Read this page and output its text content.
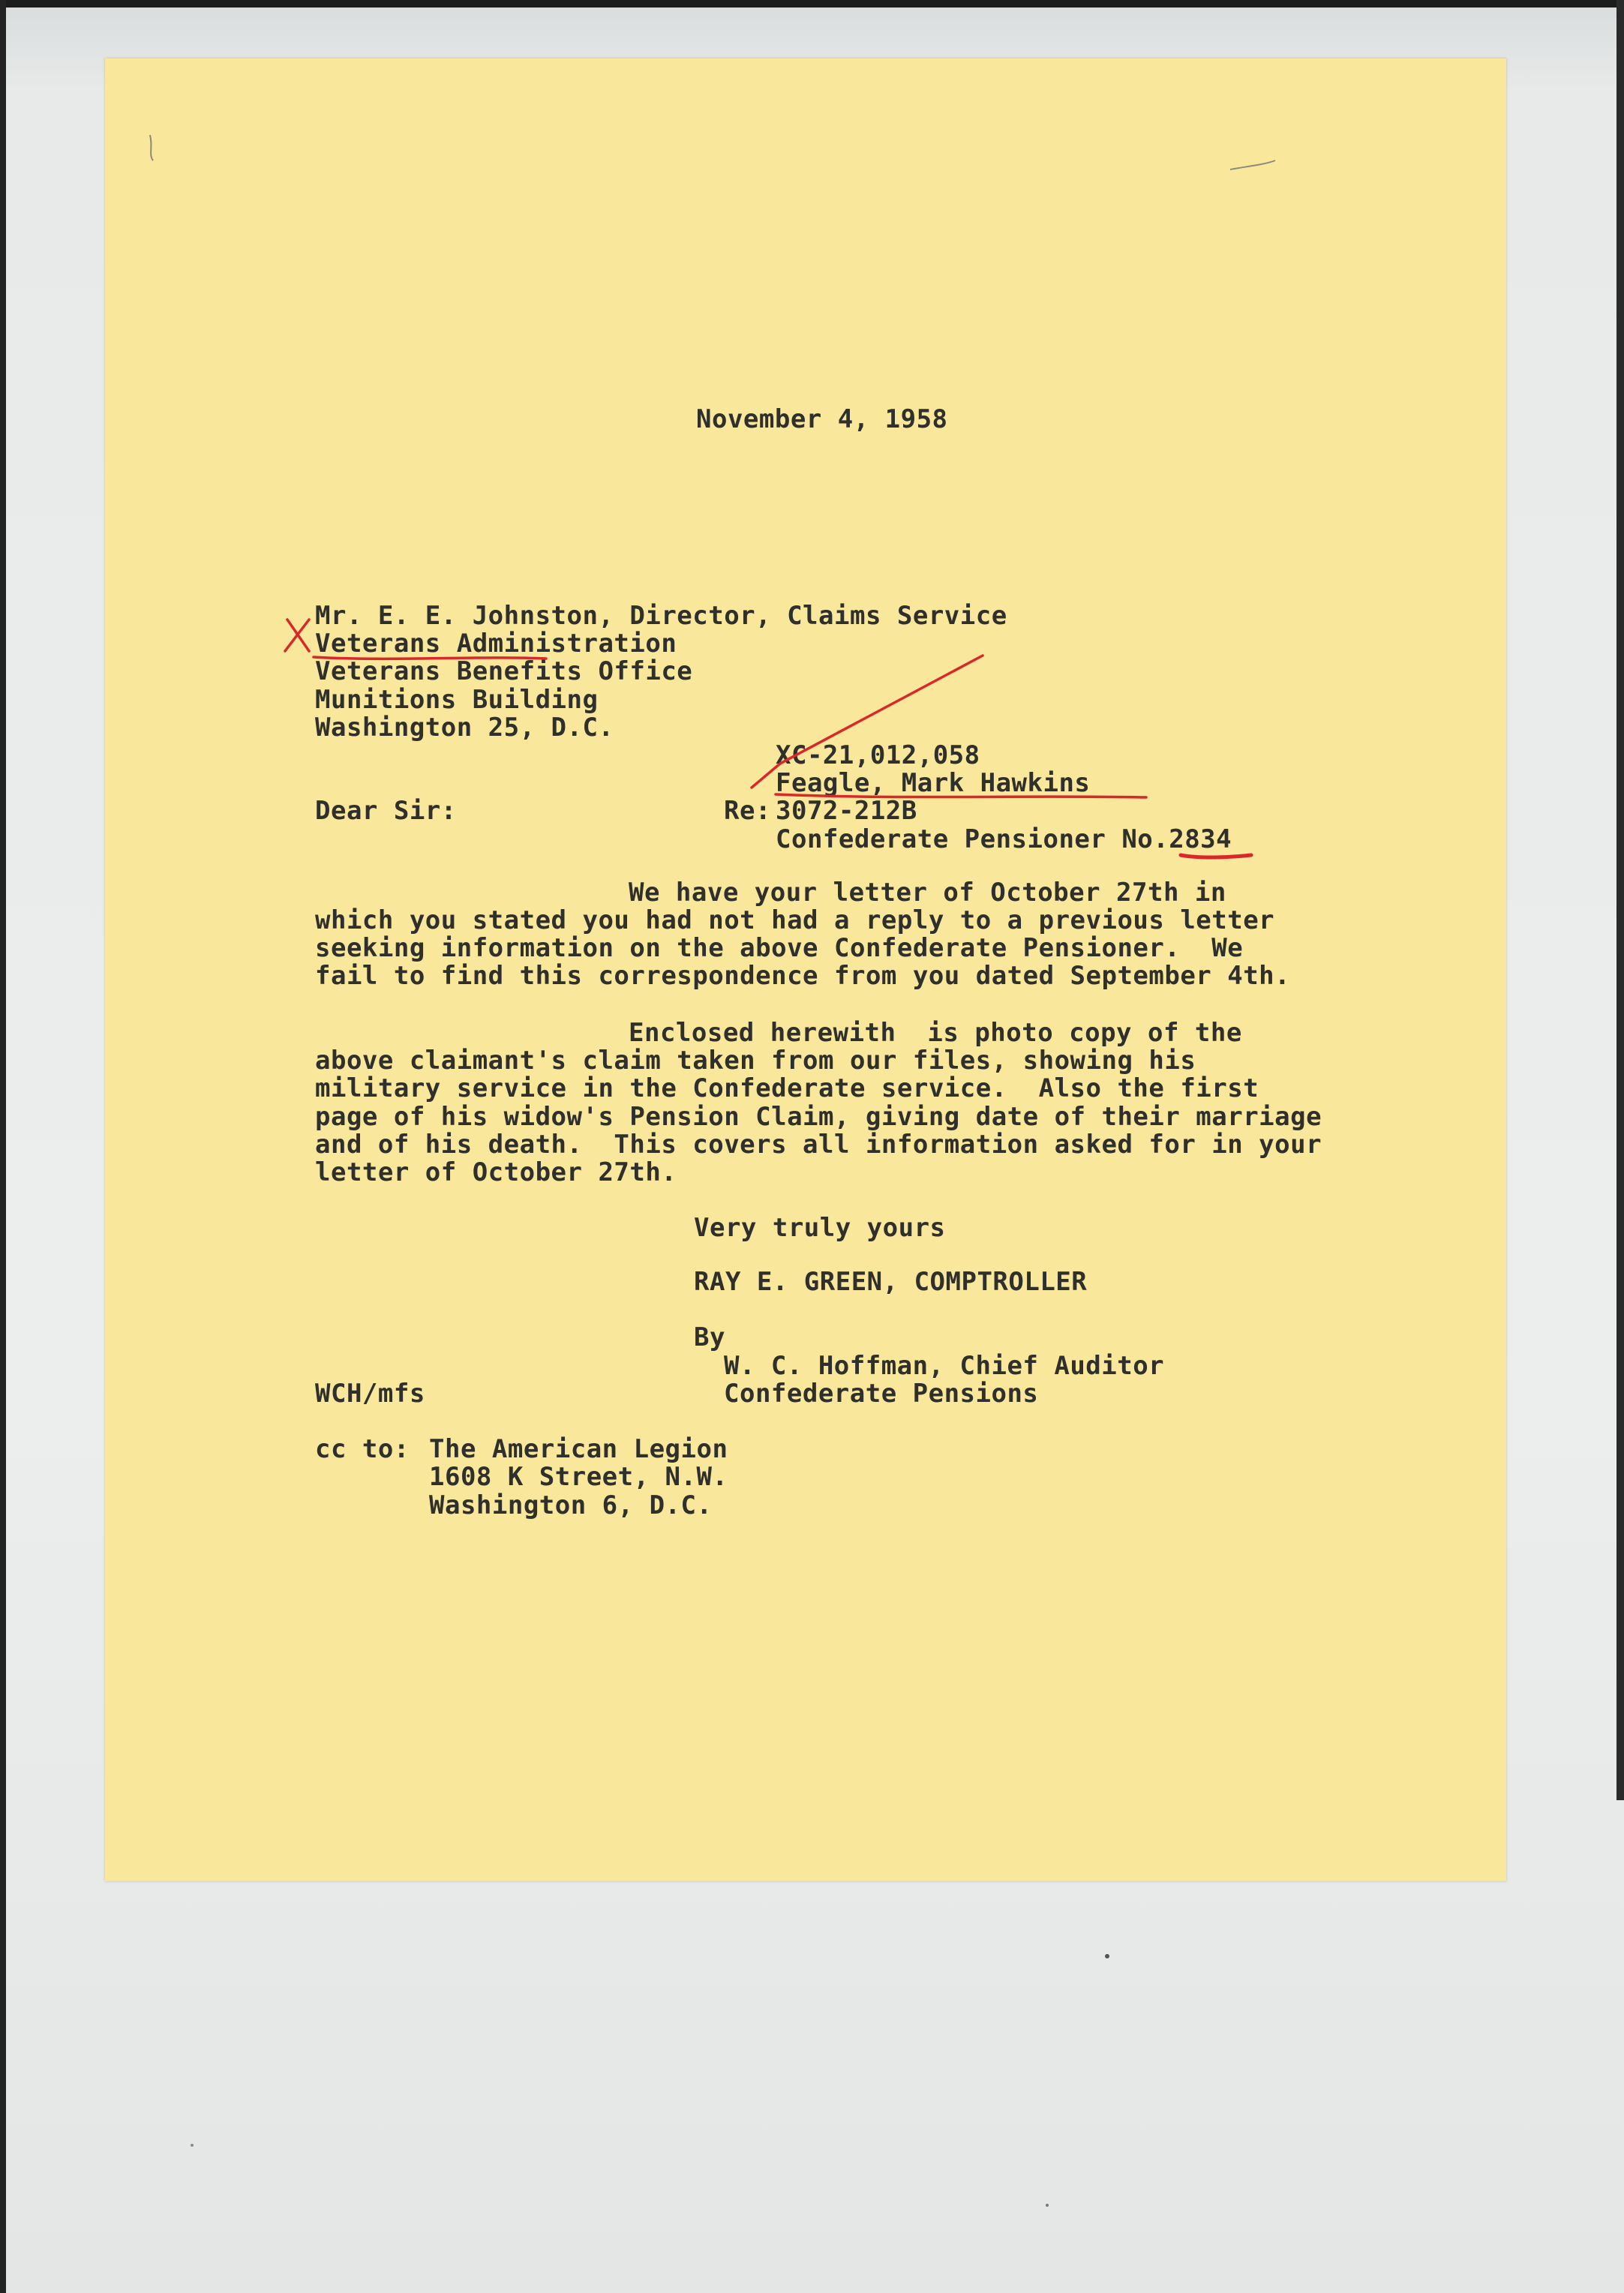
November 4, 1958
Mr. E. E. Johnston, Director, Claims Service
Veterans Administration
Veterans Benefits Office
Munitions Building
Washington 25, D.C.
XC-21,012,058
Feagle, Mark Hawkins
Re: 3072-212B
Confederate Pensioner No.2834
Dear Sir:
We have your letter of October 27th in
which you stated you had not had a reply to a previous letter
seeking information on the above Confederate Pensioner.  We
fail to find this correspondence from you dated September 4th.
Enclosed herewith  is photo copy of the
above claimant's claim taken from our files, showing his
military service in the Confederate service.  Also the first
page of his widow's Pension Claim, giving date of their marriage
and of his death.  This covers all information asked for in your
letter of October 27th.
Very truly yours
RAY E. GREEN, COMPTROLLER
By
W. C. Hoffman, Chief Auditor
Confederate Pensions
WCH/mfs
cc to: The American Legion
1608 K Street, N.W.
Washington 6, D.C.
